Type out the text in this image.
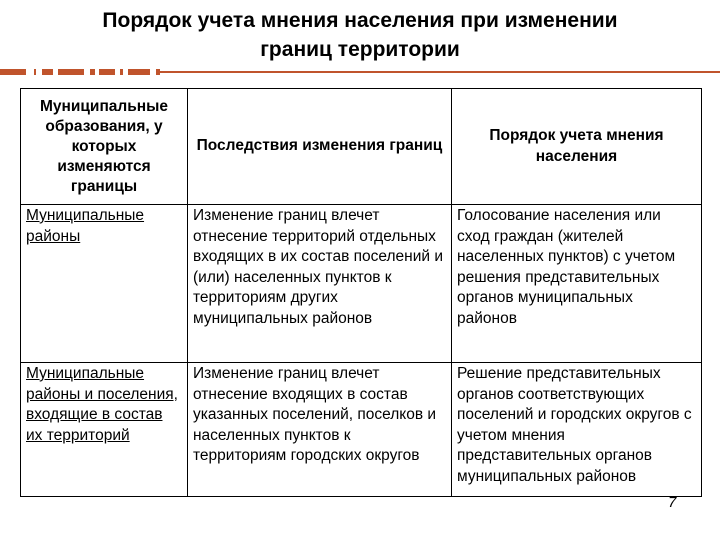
Порядок учета мнения населения при изменении
границ территории
Муниципальные образования, у которых изменяются границы	Последствия изменения границ	Порядок учета мнения населения
Муниципальные районы	Изменение границ влечет отнесение территорий отдельных входящих в их состав поселений и (или) населенных пунктов к территориям других муниципальных районов	Голосование населения или сход граждан (жителей населенных пунктов) с учетом решения представительных органов муниципальных районов
Муниципальные районы и поселения, входящие в состав их территорий	Изменение границ влечет отнесение входящих в состав указанных поселений, поселков и населенных пунктов к территориям городских округов	Решение представительных органов соответствующих поселений и городских округов с учетом мнения представительных органов муниципальных районов
7
